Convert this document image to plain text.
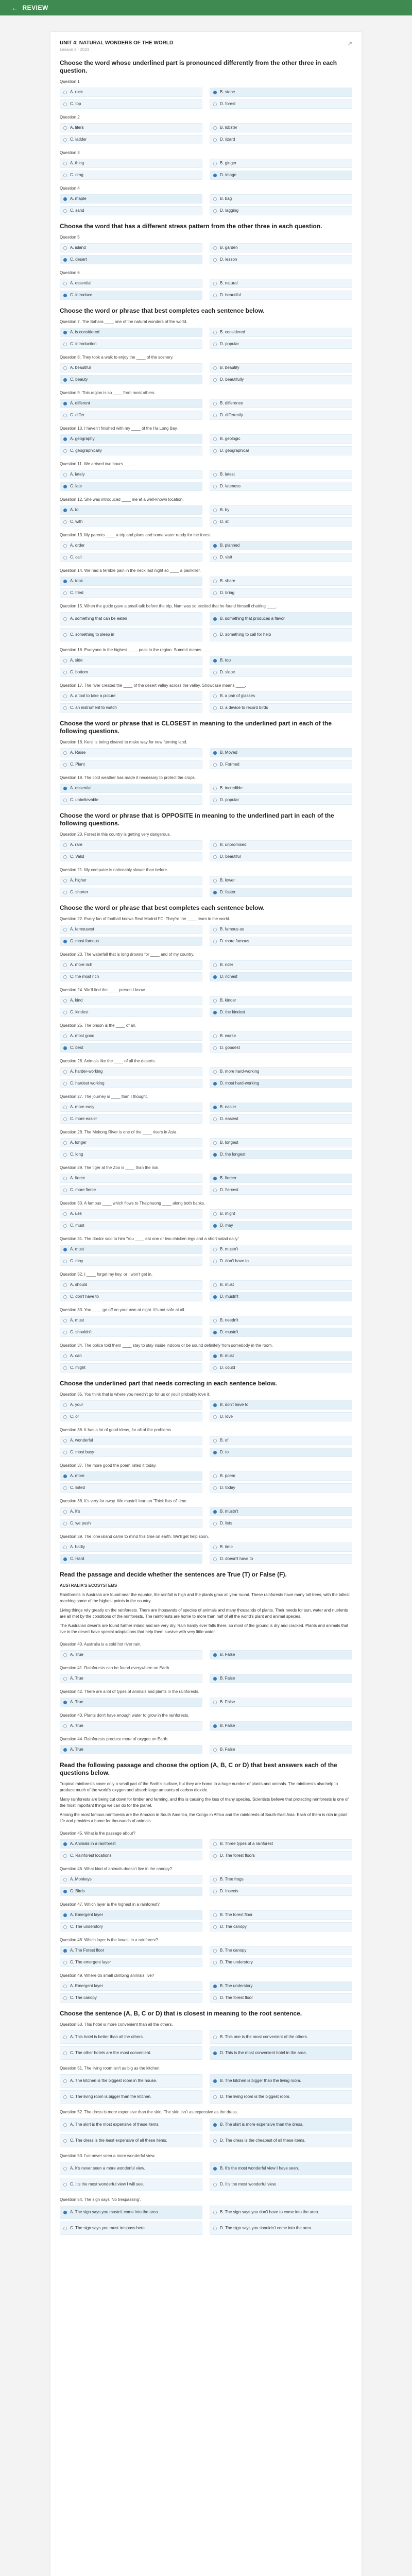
← REVIEW
UNIT 4: NATURAL WONDERS OF THE WORLD
Lesson 3 · 2023
↗
Choose the word whose underlined part is pronounced differently from the other three in each question.
Question 1
A. rock	B. stone
C. top	D. forest
Question 2
A. liters	B. lobster
C. ladder	D. lizard
Question 3
A. thing	B. ginger
C. crag	D. image
Question 4
A. maple	B. bag
C. sand	D. lagging
Choose the word that has a different stress pattern from the other three in each question.
Question 5
A. island	B. garden
C. desert	D. lesson
Question 6
A. essential	B. natural
C. introduce	D. beautiful
Choose the word or phrase that best completes each sentence below.
Question 7. The Sahara ____ one of the natural wonders of the world.
A. is considered	B. considered
C. introduction	D. popular
Question 8. They took a walk to enjoy the ____ of the scenery.
A. beautiful	B. beautify
C. beauty	D. beautifully
Question 9. This region is so ____ from most others.
A. different	B. difference
C. differ	D. differently
Question 10. I haven't finished with my ____ of the Ha Long Bay.
A. geography	B. geologic
C. geographically	D. geographical
Question 11. We arrived two hours ____.
A. lately	B. latest
C. late	D. lateness
Question 12. She was introduced ____ me at a well-known location.
A. to	B. by
C. with	D. at
Question 13. My parents ____ a trip and plans and some water ready for the forest.
A. order	B. planned
C. call	D. visit
Question 14. We had a terrible pain in the neck last night so ____ a painkiller.
A. took	B. share
C. tried	D. bring
Question 15. When the guide gave a small talk before the trip, Nam was so excited that he found himself chatting ____.
A. something that can be eaten	B. something that produces a flavor
C. something to sleep in	D. something to call for help
Question 16. Everyone in the highest ____ peak in the region. Summit means ____.
A. side	B. top
C. bottom	D. slope
Question 17. The river created the ____ of the desert valley across the valley. Showcase means ____.
A. a tool to take a picture	B. a pair of glasses
C. an instrument to watch	D. a device to record birds
Choose the word or phrase that is CLOSEST in meaning to the underlined part in each of the following questions.
Question 18. Kenji is being cleared to make way for new farming land.
A. Raise	B. Moved
C. Plant	D. Formed
Question 19. The cold weather has made it necessary to protect the crops.
A. essential	B. incredible
C. unbelievable	D. popular
Choose the word or phrase that is OPPOSITE in meaning to the underlined part in each of the following questions.
Question 20. Forest in this country is getting very dangerous.
A. rare	B. unpromised
C. Valid	D. beautiful
Question 21. My computer is noticeably slower than before.
A. higher	B. lower
C. shorter	D. faster
Choose the word or phrase that best completes each sentence below.
Question 22. Every fan of football knows Real Madrid FC. They're the ____ team in the world.
A. famousest	B. famous as
C. most famous	D. more famous
Question 23. The waterfall that is long drowns for ____ and of my country.
A. more rich	B. rider
C. the most rich	D. richest
Question 24. We'll find the ____ person I know.
A. kind	B. kinder
C. kindest	D. the kindest
Question 25. The prison is the ____ of all.
A. most good	B. worse
C. best	D. goodest
Question 26. Animals like the ____ of all the deserts.
A. harder-working	B. more hard-working
C. hardest working	D. most hard-working
Question 27. The journey is ____ than I thought.
A. more easy	B. easier
C. more easier	D. easiest
Question 28. The Mekong River is one of the ____ rivers in Asia.
A. longer	B. longest
C. long	D. the longest
Question 29. The tiger at the Zoo is ____ than the lion.
A. fierce	B. fiercer
C. more fierce	D. fiercest
Question 30. A famous ____ which flows to Thaiphuong ____ along both banks.
A. use	B. might
C. must	D. may
Question 31. The doctor said to him 'You ____ eat one or two chicken legs and a short salad daily.'
A. must	B. mustn't
C. may	D. don't have to
Question 32. I ____ forget my key, or I won't get in.
A. should	B. must
C. don't have to	D. mustn't
Question 33. You ____ go off on your own at night. It's not safe at all.
A. must	B. needn't
C. shouldn't	D. mustn't
Question 34. The police told them ____ stay to stay inside indoors or be sound definitely from somebody in the room.
A. can	B. must
C. might	D. could
Choose the underlined part that needs correcting in each sentence below.
Question 35. You think that is where you needn't go for us or you'll probably love it.
A. your	B. don't have to
C. or	D. love
Question 36. It has a lot of good ideas, for all of the problems.
A. wonderful	B. of
C. most busy	D. to
Question 37. The more good the poem listed it today.
A. more	B. poem
C. listed	D. today
Question 38. It's very far away. We mustn't lean on 'Thick lists of' time.
A. It's	B. mustn't
C. we push	D. lists
Question 39. The lone island came to mind this time on earth. We'll get help soon.
A. badly	B. time
C. Hard	D. doesn't have to
Read the passage and decide whether the sentences are True (T) or False (F).

AUSTRALIA'S ECOSYSTEMS

Rainforests in Australia are found near the equator, the rainfall is high and the plants grow all year round. These rainforests have many tall trees, with the tallest reaching some of the highest points in the country.

Living things rely greatly on the rainforests. There are thousands of species of animals and many thousands of plants. Their needs for sun, water and nutrients are all met by the conditions of the rainforests. The rainforests are home to more than half of all the world's plant and animal species.

The Australian deserts are found further inland and are very dry. Rain hardly ever falls there, so most of the ground is dry and cracked. Plants and animals that live in the desert have special adaptations that help them survive with very little water.

Question 40. Australia is a cold hot river rain.
A. True	B. False
Question 41. Rainforests can be found everywhere on Earth.
A. True	B. False
Question 42. There are a lot of types of animals and plants in the rainforests.
A. True	B. False
Question 43. Plants don't have enough water to grow in the rainforests.
A. True	B. False
Question 44. Rainforests produce more of oxygen on Earth.
A. True	B. False
Read the following passage and choose the option (A, B, C or D) that best answers each of the questions below.

Tropical rainforests cover only a small part of the Earth's surface, but they are home to a huge number of plants and animals. The rainforests also help to produce much of the world's oxygen and absorb large amounts of carbon dioxide.

Many rainforests are being cut down for timber and farming, and this is causing the loss of many species. Scientists believe that protecting rainforests is one of the most important things we can do for the planet.

Among the most famous rainforests are the Amazon in South America, the Congo in Africa and the rainforests of South-East Asia. Each of them is rich in plant life and provides a home for thousands of animals.

Question 45. What is the passage about?
A. Animals in a rainforest	B. Three types of a rainforest
C. Rainforest locations	D. The forest floors
Question 46. What kind of animals doesn't live in the canopy?
A. Monkeys	B. Tree frogs
C. Birds	D. Insects
Question 47. Which layer is the highest in a rainforest?
A. Emergent layer	B. The forest floor
C. The understory	D. The canopy
Question 48. Which layer is the lowest in a rainforest?
A. The Forest floor	B. The canopy
C. The emergent layer	D. The understory
Question 49. Where do small climbing animals live?
A. Emergent layer	B. The understory
C. The canopy	D. The forest floor
Choose the sentence (A, B, C or D) that is closest in meaning to the root sentence.
Question 50. This hotel is more convenient than all the others.
A. This hotel is better than all the others.	B. This one is the most convenient of the others.
C. The other hotels are the most convenient.	D. This is the most convenient hotel in the area.
Question 51. The living room isn't as big as the kitchen.
A. The kitchen is the biggest room in the house.	B. The kitchen is bigger than the living room.
C. The living room is bigger than the kitchen.	D. The living room is the biggest room.
Question 52. The dress is more expensive than the skirt. The skirt isn't as expensive as the dress.
A. The skirt is the most expensive of these items.	B. The skirt is more expensive than the dress.
C. The dress is the least expensive of all these items.	D. The dress is the cheapest of all these items.
Question 53. I've never seen a more wonderful view.
A. It's never seen a more wonderful view.	B. It's the most wonderful view I have seen.
C. It's the most wonderful view I will see.	D. It's the most wonderful view.
Question 54. The sign says 'No trespassing'.
A. The sign says you mustn't come into the area.	B. The sign says you don't have to come into the area.
C. The sign says you must trespass here.	D. The sign says you shouldn't come into the area.
